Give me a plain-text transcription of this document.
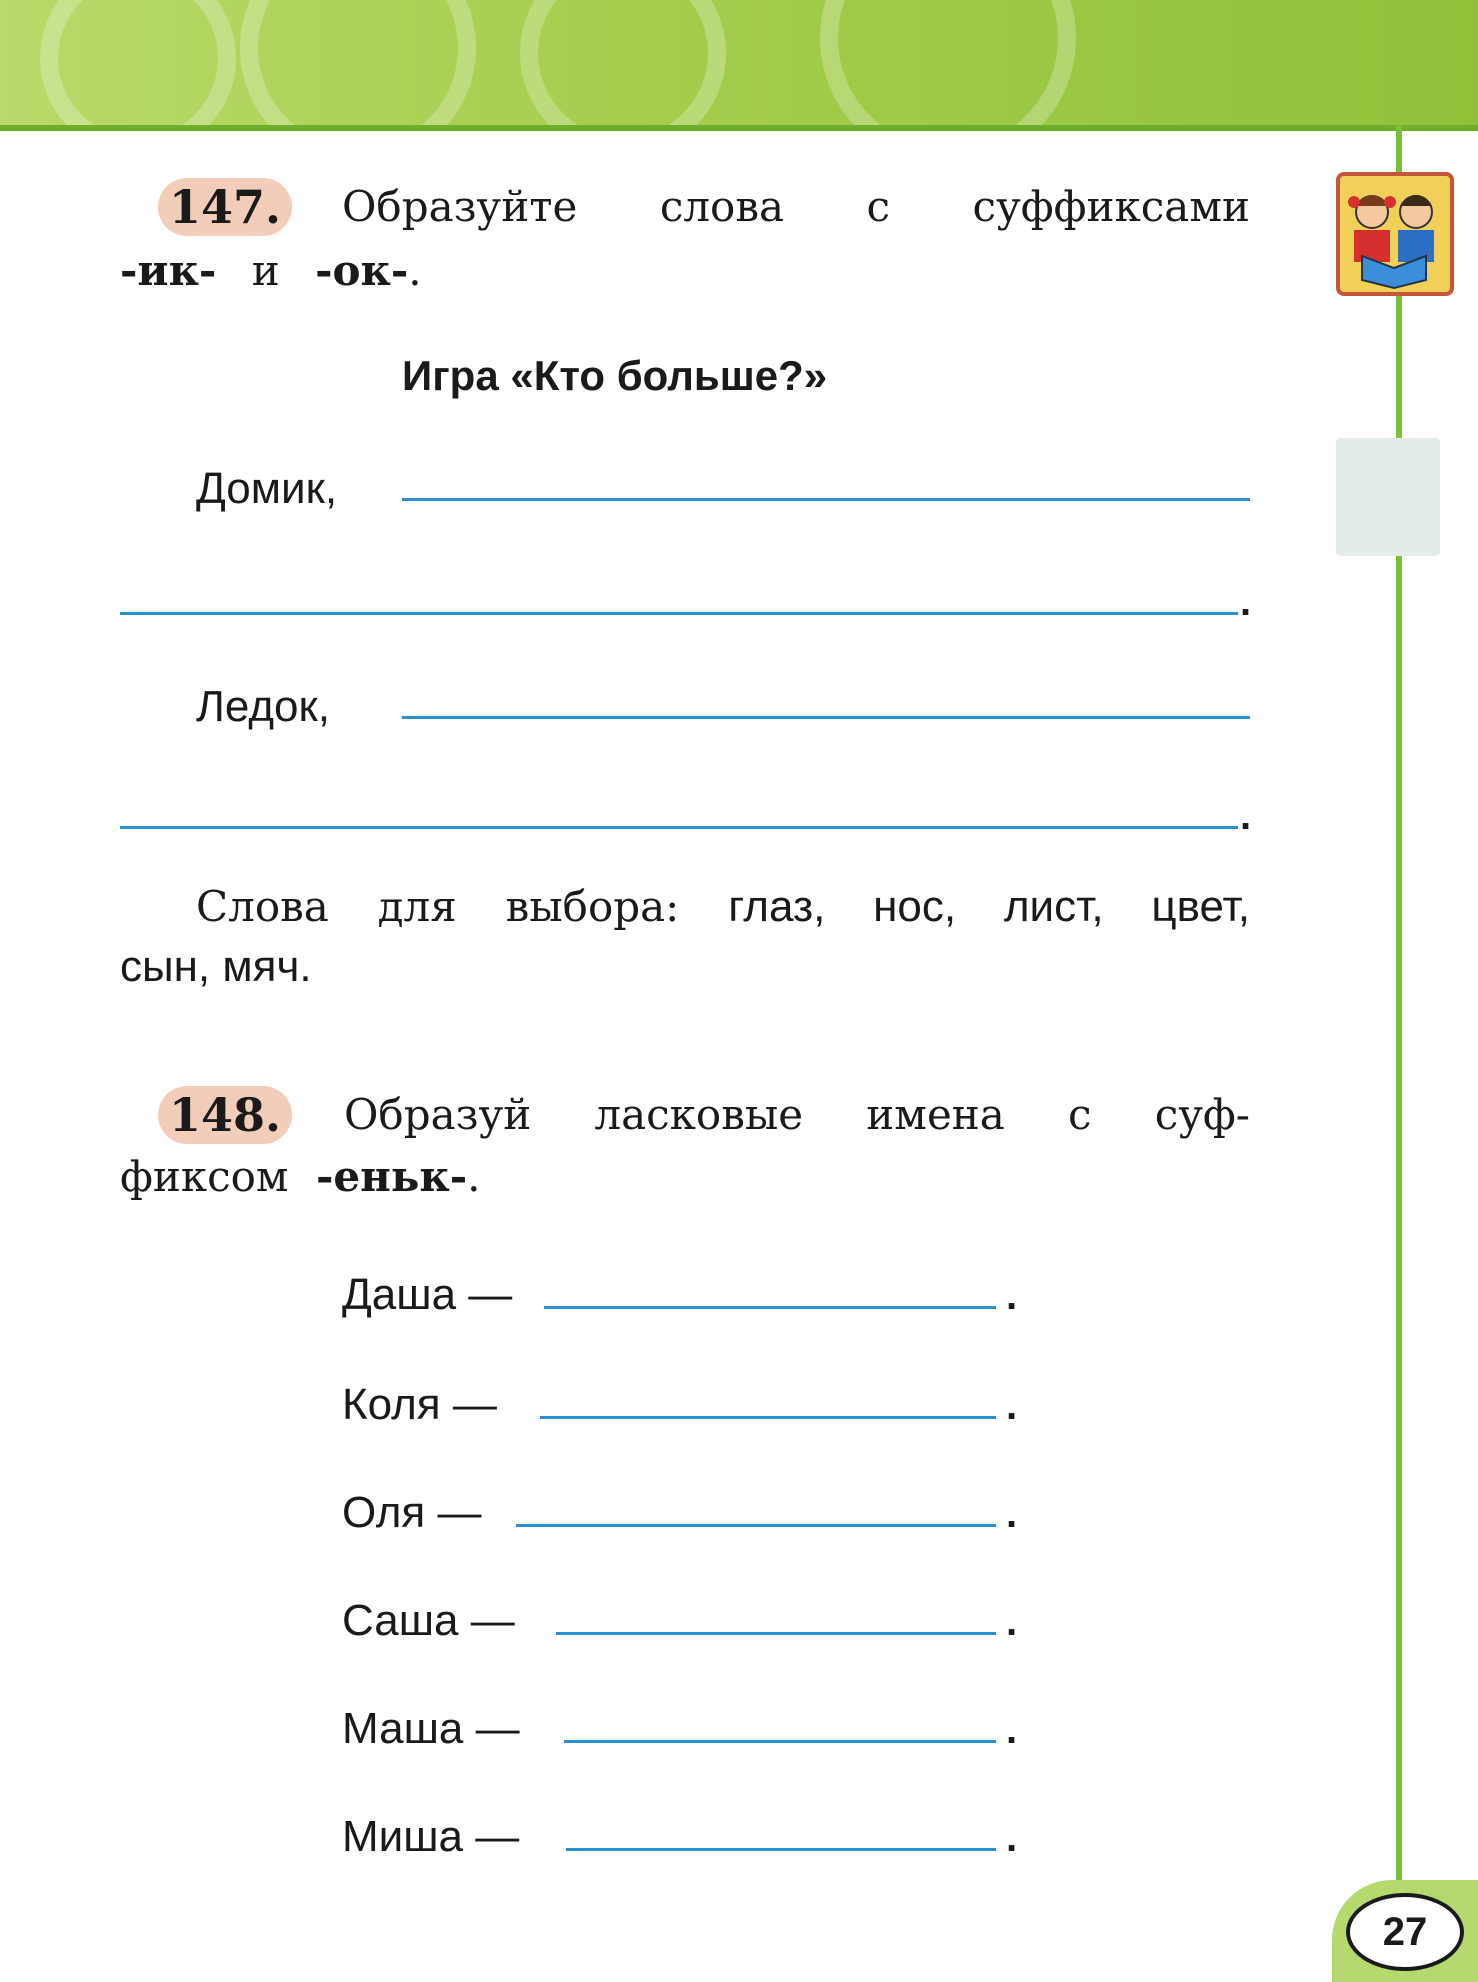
147. Образуйте слова с суффиксами
-ик- и -ок-.
Игра «Кто больше?»
Домик,
.
Ледок,
.
Слова для выбора: глаз, нос, лист, цвет,
сын, мяч.
148. Образуй ласковые имена с суф-
фиксом -еньк-.
Даша —	.
Коля —	.
Оля —	.
Саша —	.
Маша —	.
Миша —	.
27
